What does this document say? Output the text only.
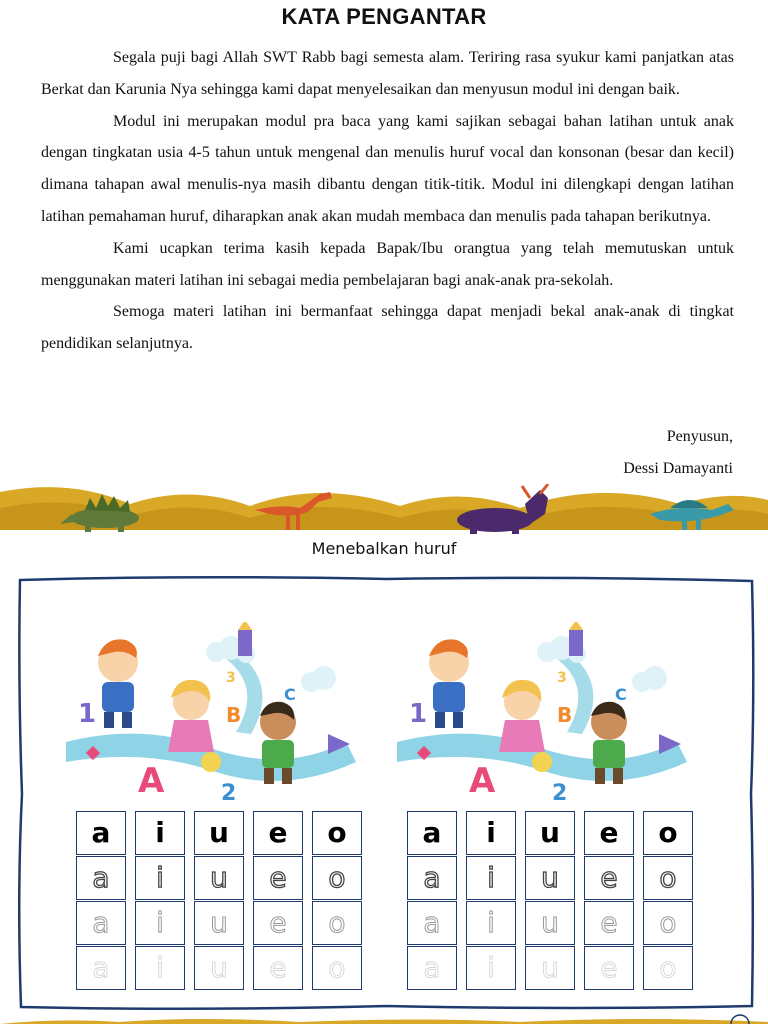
KATA PENGANTAR

Segala puji bagi Allah SWT Rabb bagi semesta alam. Teriring rasa syukur kami panjatkan atas Berkat dan Karunia Nya sehingga kami dapat menyelesaikan dan menyusun modul ini dengan baik.

Modul ini merupakan modul pra baca yang kami sajikan sebagai bahan latihan untuk anak dengan tingkatan usia 4-5 tahun untuk mengenal dan menulis huruf vocal dan konsonan (besar dan kecil) dimana tahapan awal menulis-nya masih dibantu dengan titik-titik. Modul ini dilengkapi dengan latihan latihan pemahaman huruf, diharapkan anak akan mudah membaca dan menulis pada tahapan berikutnya.

Kami ucapkan terima kasih kepada Bapak/Ibu orangtua yang telah memutuskan untuk menggunakan materi latihan ini sebagai media pembelajaran bagi anak-anak pra-sekolah.

Semoga materi latihan ini bermanfaat sehingga dapat menjadi bekal anak-anak di tingkat pendidikan selanjutnya.

Penyusun,
Dessi Damayanti
Menebalkan huruf
1
A
B
C
3
2
1
A
B
C
3
2
a	i	u	e	o
a	i	u	e	o
a	i	u	e	o
a	i	u	e	o
a	i	u	e	o
a	i	u	e	o
a	i	u	e	o
a	i	u	e	o
